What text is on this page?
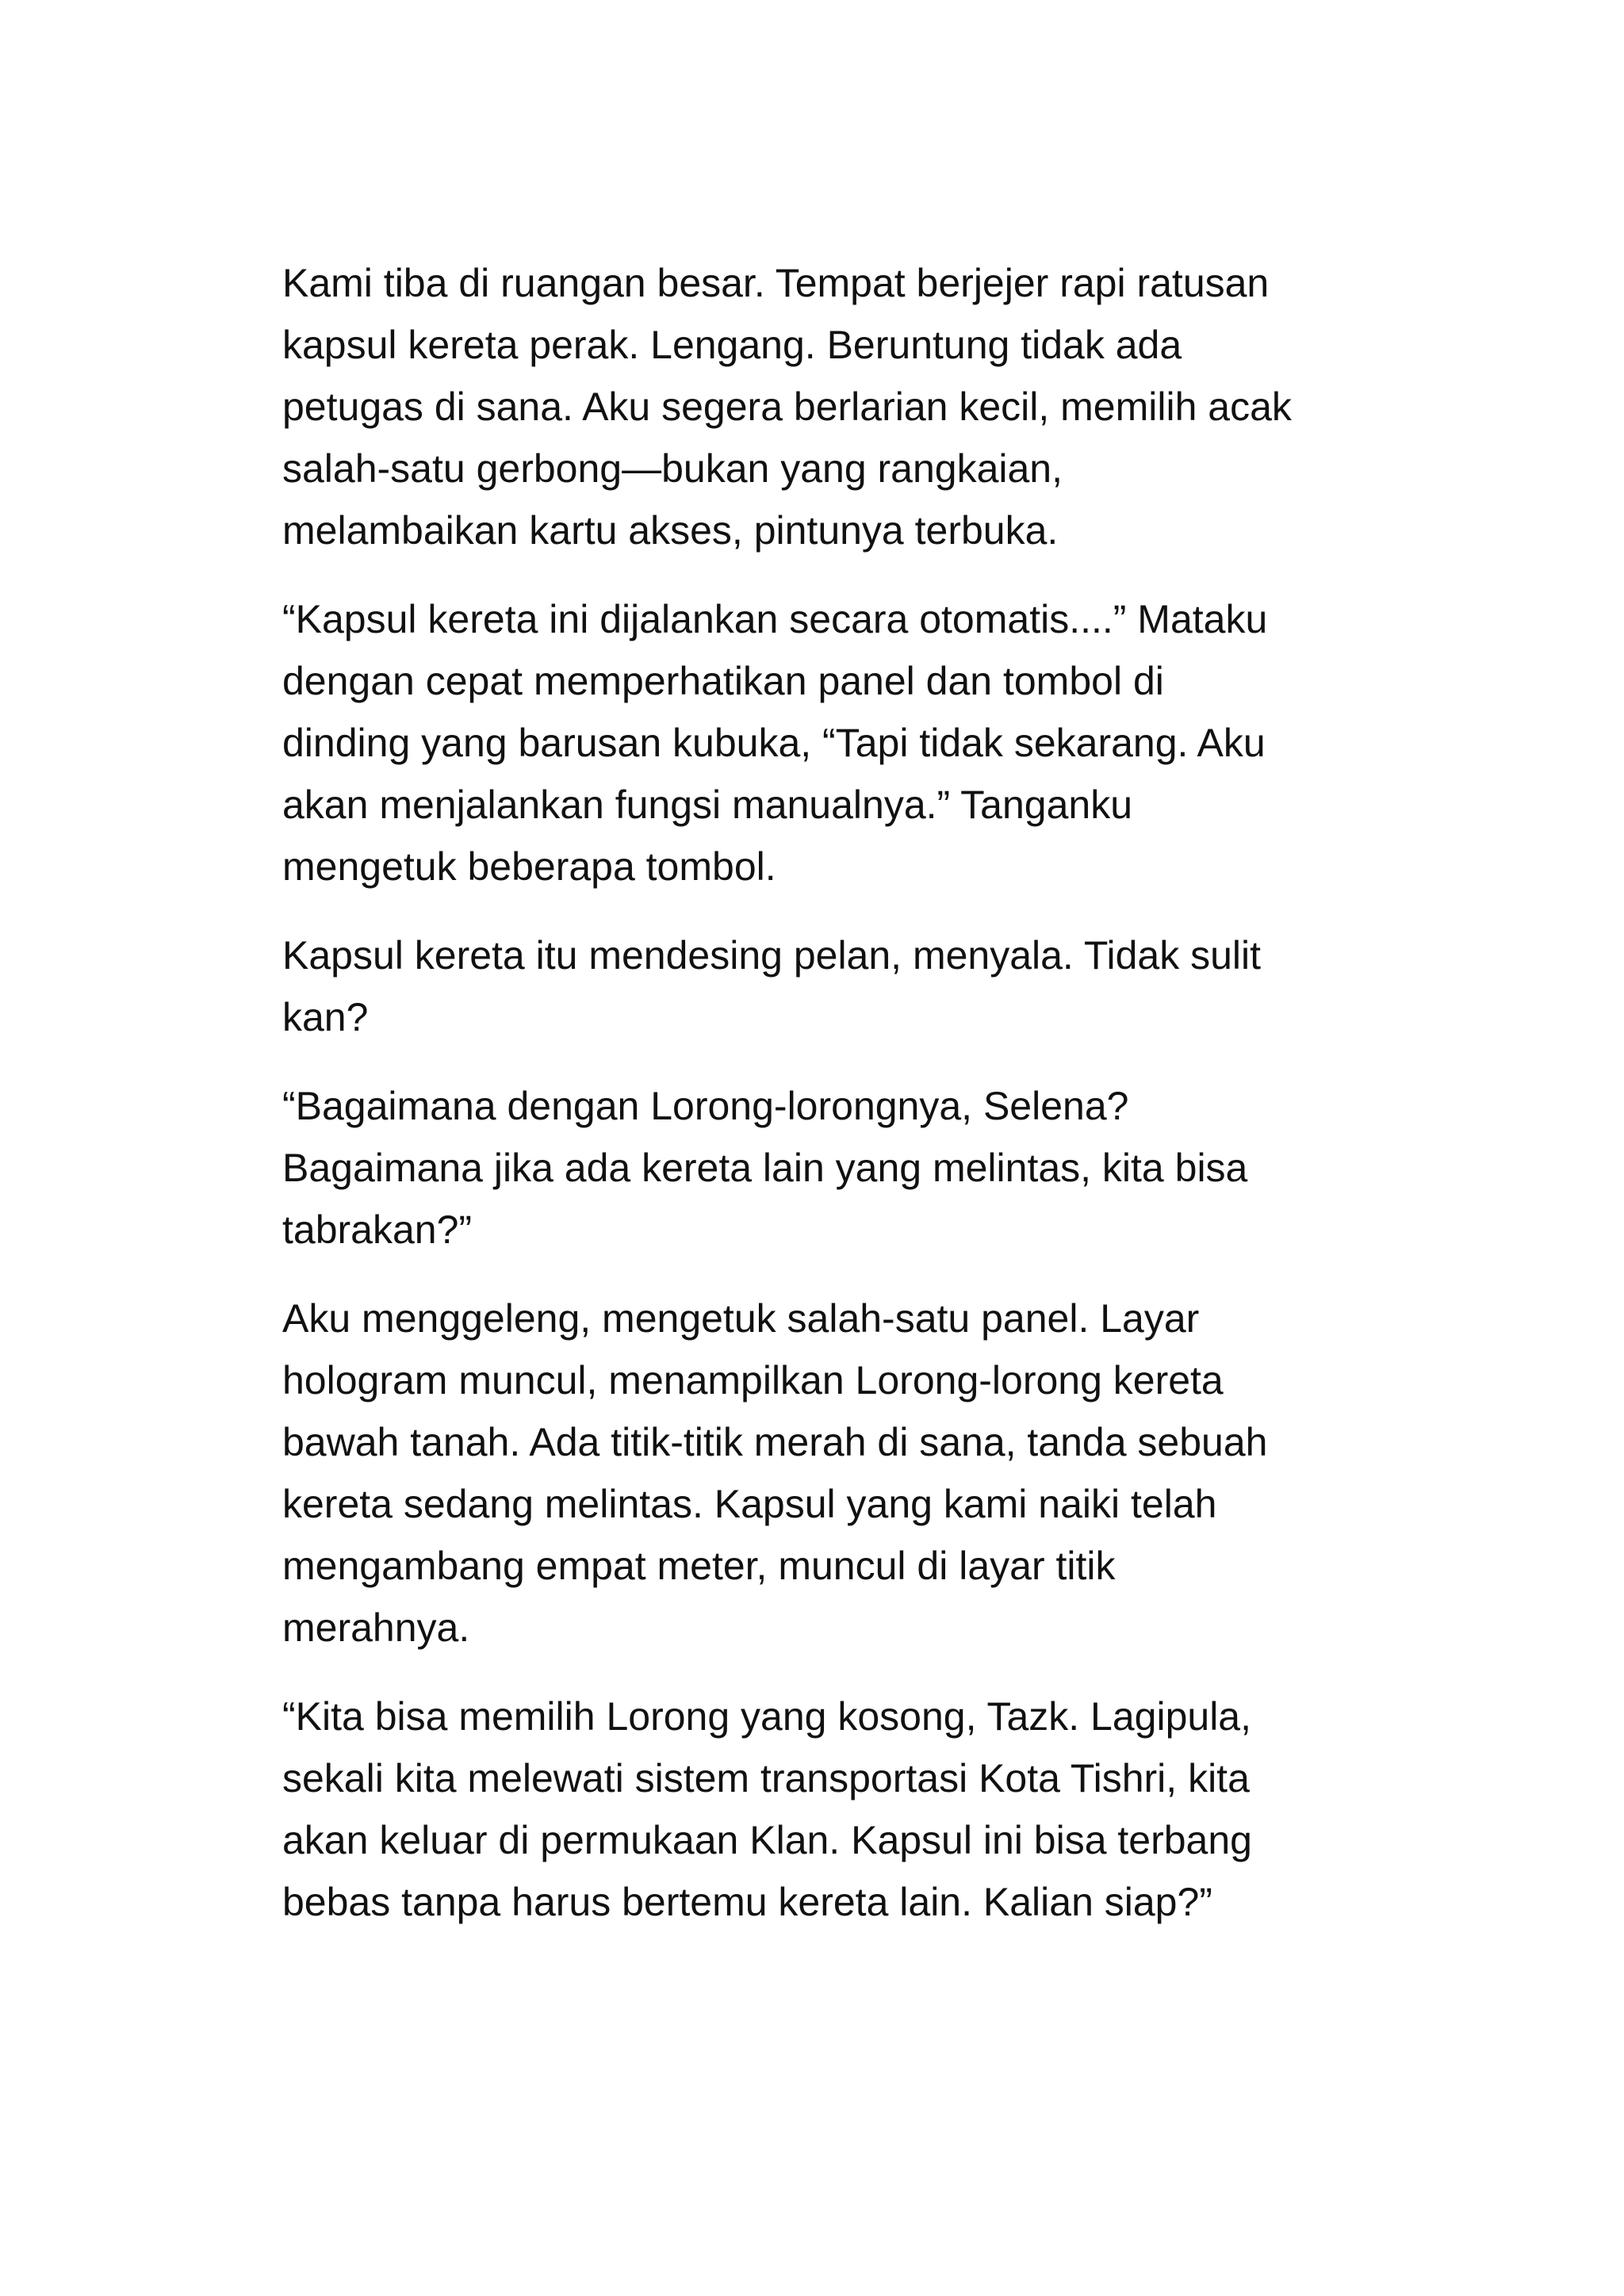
Kami tiba di ruangan besar. Tempat berjejer rapi ratusan
kapsul kereta perak. Lengang. Beruntung tidak ada
petugas di sana. Aku segera berlarian kecil, memilih acak
salah-satu gerbong—bukan yang rangkaian,
melambaikan kartu akses, pintunya terbuka.

“Kapsul kereta ini dijalankan secara otomatis....” Mataku
dengan cepat memperhatikan panel dan tombol di
dinding yang barusan kubuka, “Tapi tidak sekarang. Aku
akan menjalankan fungsi manualnya.” Tanganku
mengetuk beberapa tombol.

Kapsul kereta itu mendesing pelan, menyala. Tidak sulit
kan?

“Bagaimana dengan Lorong-lorongnya, Selena?
Bagaimana jika ada kereta lain yang melintas, kita bisa
tabrakan?”

Aku menggeleng, mengetuk salah-satu panel. Layar
hologram muncul, menampilkan Lorong-lorong kereta
bawah tanah. Ada titik-titik merah di sana, tanda sebuah
kereta sedang melintas. Kapsul yang kami naiki telah
mengambang empat meter, muncul di layar titik
merahnya.

“Kita bisa memilih Lorong yang kosong, Tazk. Lagipula,
sekali kita melewati sistem transportasi Kota Tishri, kita
akan keluar di permukaan Klan. Kapsul ini bisa terbang
bebas tanpa harus bertemu kereta lain. Kalian siap?”
